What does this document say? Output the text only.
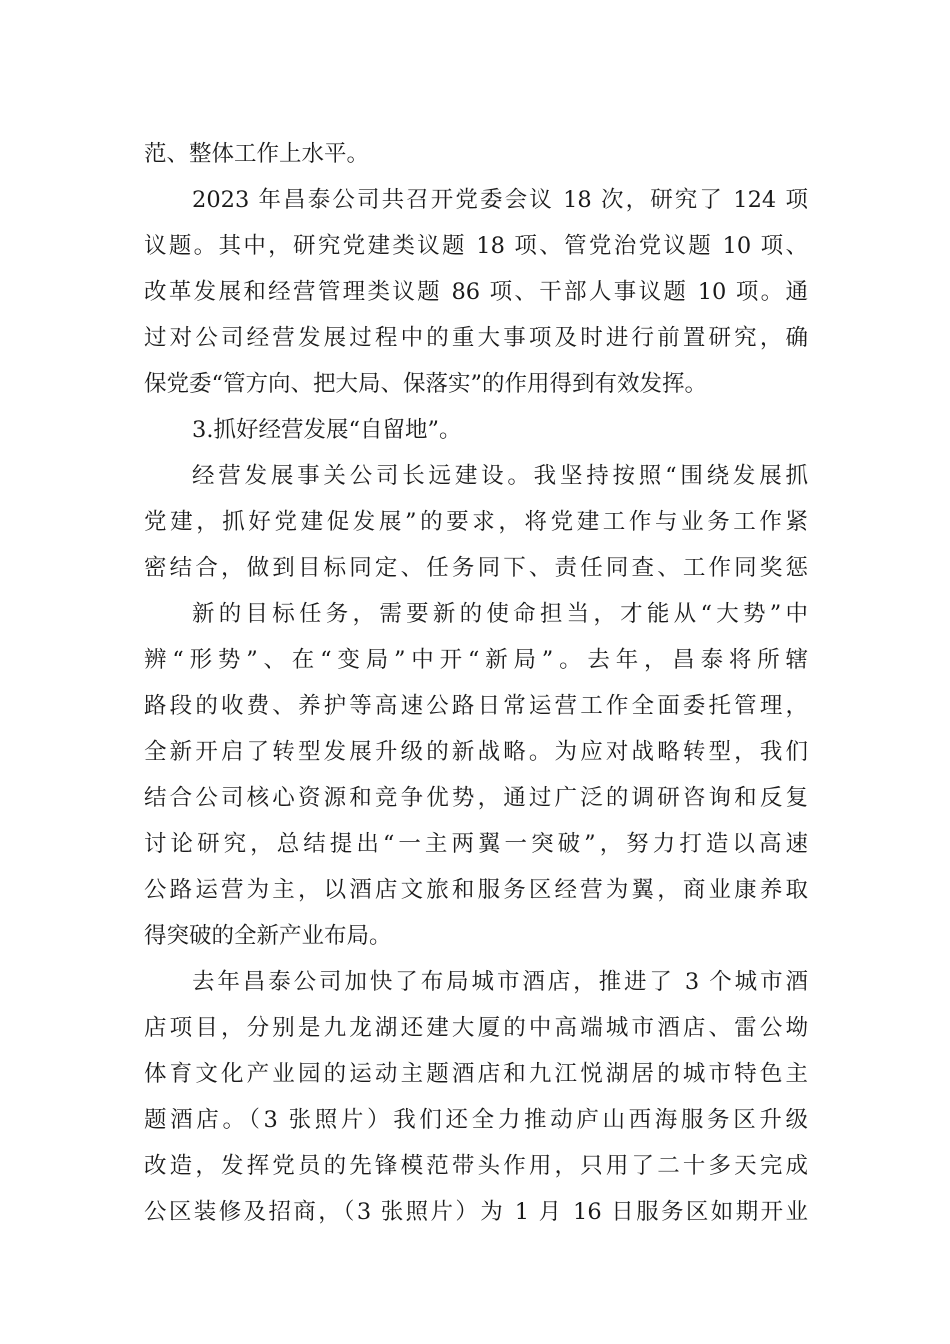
范、整体工作上水平。
2023 年昌泰公司共召开党委会议 18 次，研究了 124 项
议题。其中，研究党建类议题 18 项、管党治党议题 10 项、
改革发展和经营管理类议题 86 项、干部人事议题 10 项。通
过对公司经营发展过程中的重大事项及时进行前置研究，确
保党委“管方向、把大局、保落实”的作用得到有效发挥。
3.抓好经营发展“自留地”。
经营发展事关公司长远建设。我坚持按照“围绕发展抓
党建，抓好党建促发展”的要求，将党建工作与业务工作紧
密结合，做到目标同定、任务同下、责任同查、工作同奖惩
新的目标任务，需要新的使命担当，才能从“大势”中
辨“形势”、在“变局”中开“新局”。去年，昌泰将所辖
路段的收费、养护等高速公路日常运营工作全面委托管理，
全新开启了转型发展升级的新战略。为应对战略转型，我们
结合公司核心资源和竞争优势，通过广泛的调研咨询和反复
讨论研究，总结提出“一主两翼一突破”，努力打造以高速
公路运营为主，以酒店文旅和服务区经营为翼，商业康养取
得突破的全新产业布局。
去年昌泰公司加快了布局城市酒店，推进了 3 个城市酒
店项目，分别是九龙湖还建大厦的中高端城市酒店、雷公坳
体育文化产业园的运动主题酒店和九江悦湖居的城市特色主
题酒店。（3 张照片）我们还全力推动庐山西海服务区升级
改造，发挥党员的先锋模范带头作用，只用了二十多天完成
公区装修及招商，（3 张照片）为 1 月 16 日服务区如期开业
